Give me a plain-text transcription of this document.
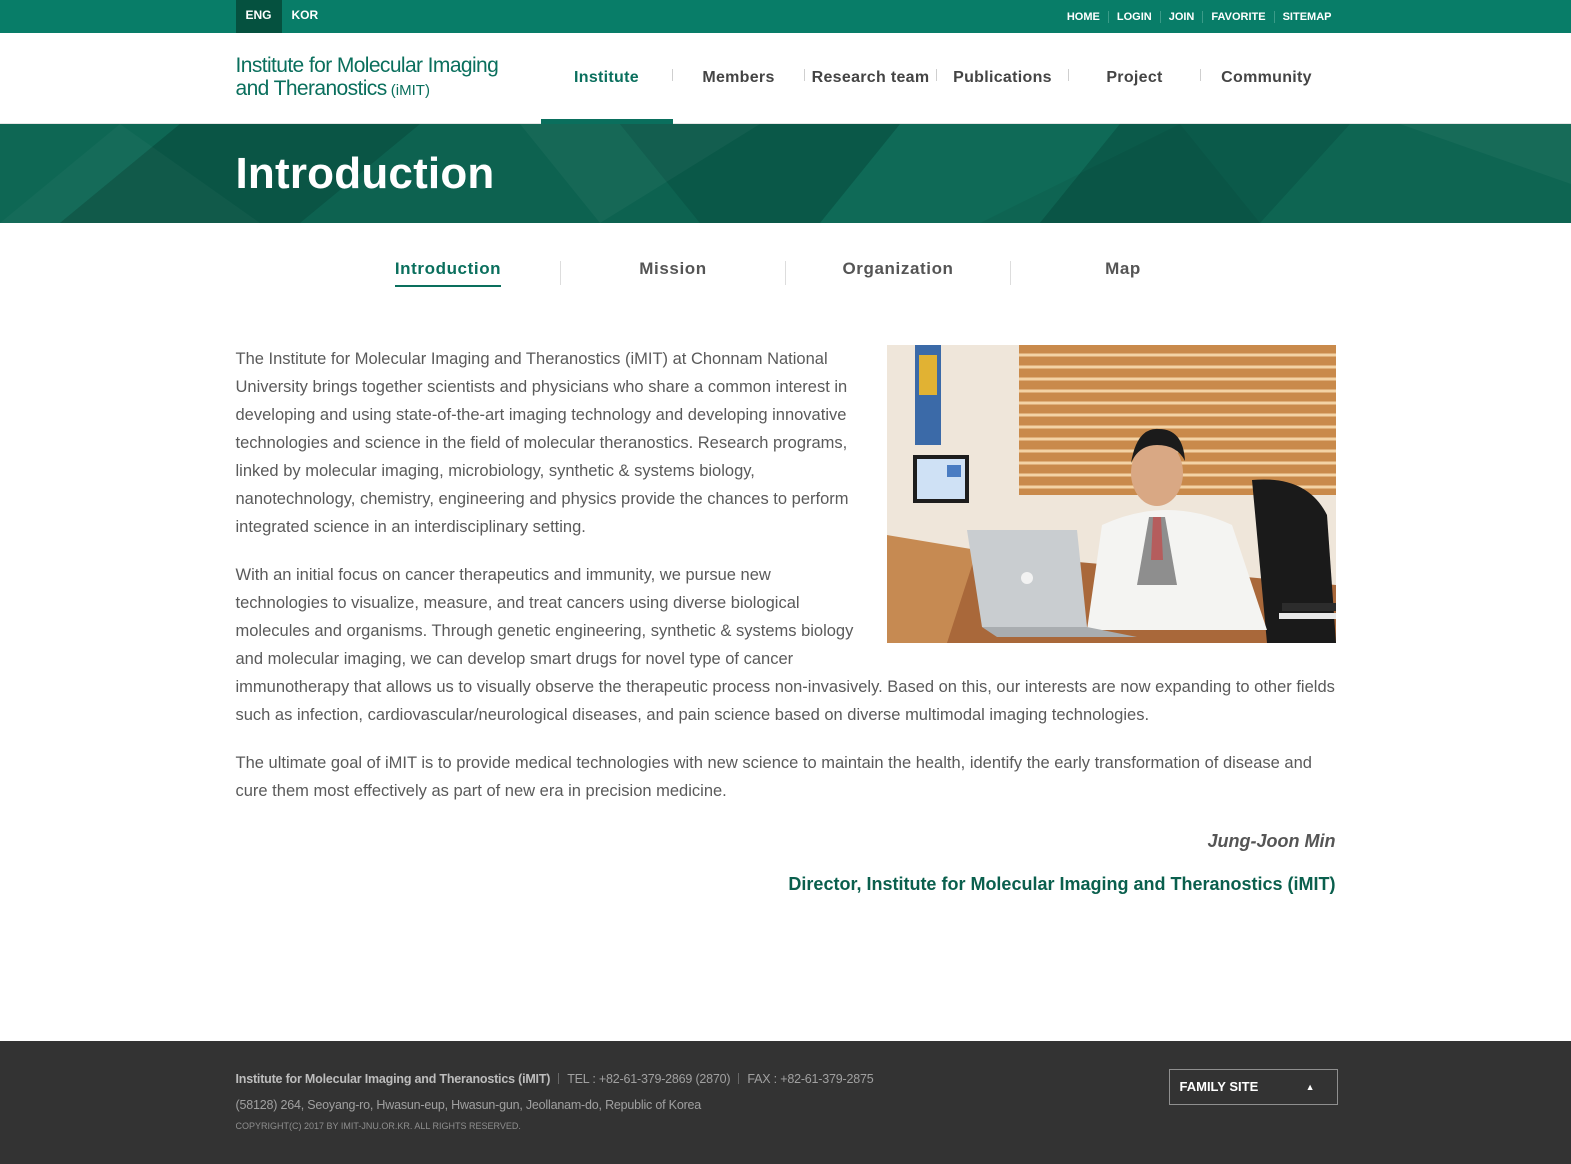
ENG	KOR	HOME	LOGIN	JOIN	FAVORITE	SITEMAP
Institute for Molecular Imaging
and Theranostics (iMIT)
Institute	Members Research team Publications	Project	Community
Introduction
Introduction	Mission	Organization	Map

The Institute for Molecular Imaging and Theranostics (iMIT) at Chonnam National University brings together scientists and physicians who share a common interest in developing and using state-of-the-art imaging technology and developing innovative technologies and science in the field of molecular theranostics. Research programs, linked by molecular imaging, microbiology, synthetic & systems biology, nanotechnology, chemistry, engineering and physics provide the chances to perform integrated science in an interdisciplinary setting.

With an initial focus on cancer therapeutics and immunity, we pursue new technologies to visualize, measure, and treat cancers using diverse biological molecules and organisms. Through genetic engineering, synthetic & systems biology and molecular imaging, we can develop smart drugs for novel type of cancer immunotherapy that allows us to visually observe the therapeutic process non-invasively. Based on this, our interests are now expanding to other fields such as infection, cardiovascular/neurological diseases, and pain science based on diverse multimodal imaging technologies.

The ultimate goal of iMIT is to provide medical technologies with new science to maintain the health, identify the early transformation of disease and cure them most effectively as part of new era in precision medicine.

Jung-Joon Min
Director, Institute for Molecular Imaging and Theranostics (iMIT)
Institute for Molecular Imaging and Theranostics (iMIT) TEL : +82-61-379-2869 (2870) FAX : +82-61-379-2875
(58128) 264, Seoyang-ro, Hwasun-eup, Hwasun-gun, Jeollanam-do, Republic of Korea
COPYRIGHT(C) 2017 BY IMIT-JNU.OR.KR. ALL RIGHTS RESERVED.
FAMILY SITE	▲
